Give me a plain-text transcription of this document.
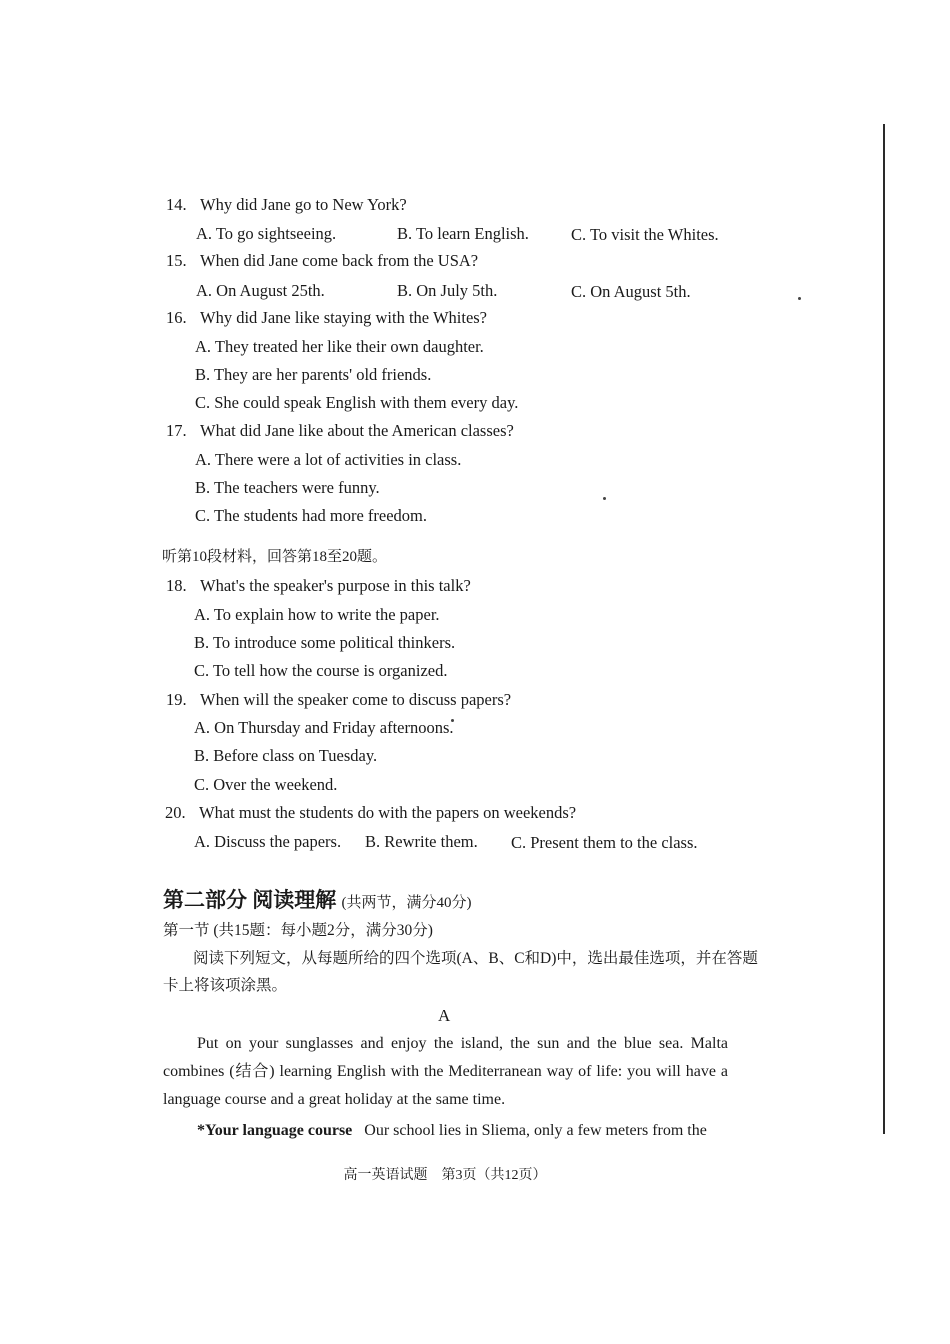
14. Why did Jane go to New York?
A. To go sightseeing.	B. To learn English.	C. To visit the Whites.
15. When did Jane come back from the USA?
A. On August 25th.	B. On July 5th.	C. On August 5th.
16. Why did Jane like staying with the Whites?
A. They treated her like their own daughter.
B. They are her parents' old friends.
C. She could speak English with them every day.
17. What did Jane like about the American classes?
A. There were a lot of activities in class.
B. The teachers were funny.
C. The students had more freedom.
听第10段材料，回答第18至20题。
18. What's the speaker's purpose in this talk?
A. To explain how to write the paper.
B. To introduce some political thinkers.
C. To tell how the course is organized.
19. When will the speaker come to discuss papers?
A. On Thursday and Friday afternoons.
B. Before class on Tuesday.
C. Over the weekend.
20. What must the students do with the papers on weekends?
A. Discuss the papers. B. Rewrite them. C. Present them to the class.
第二部分 阅读理解 (共两节，满分40分)
第一节 (共15题：每小题2分，满分30分)
阅读下列短文，从每题所给的四个选项(A、B、C和D)中，选出最佳选项，并在答题
卡上将该项涂黑。
A
Put on your sunglasses and enjoy the island, the sun and the blue sea. Malta combines (结合) learning English with the Mediterranean way of life: you will have a language course and a great holiday at the same time.
*Your language course Our school lies in Sliema, only a few meters from the
高一英语试题　第3页（共12页）
